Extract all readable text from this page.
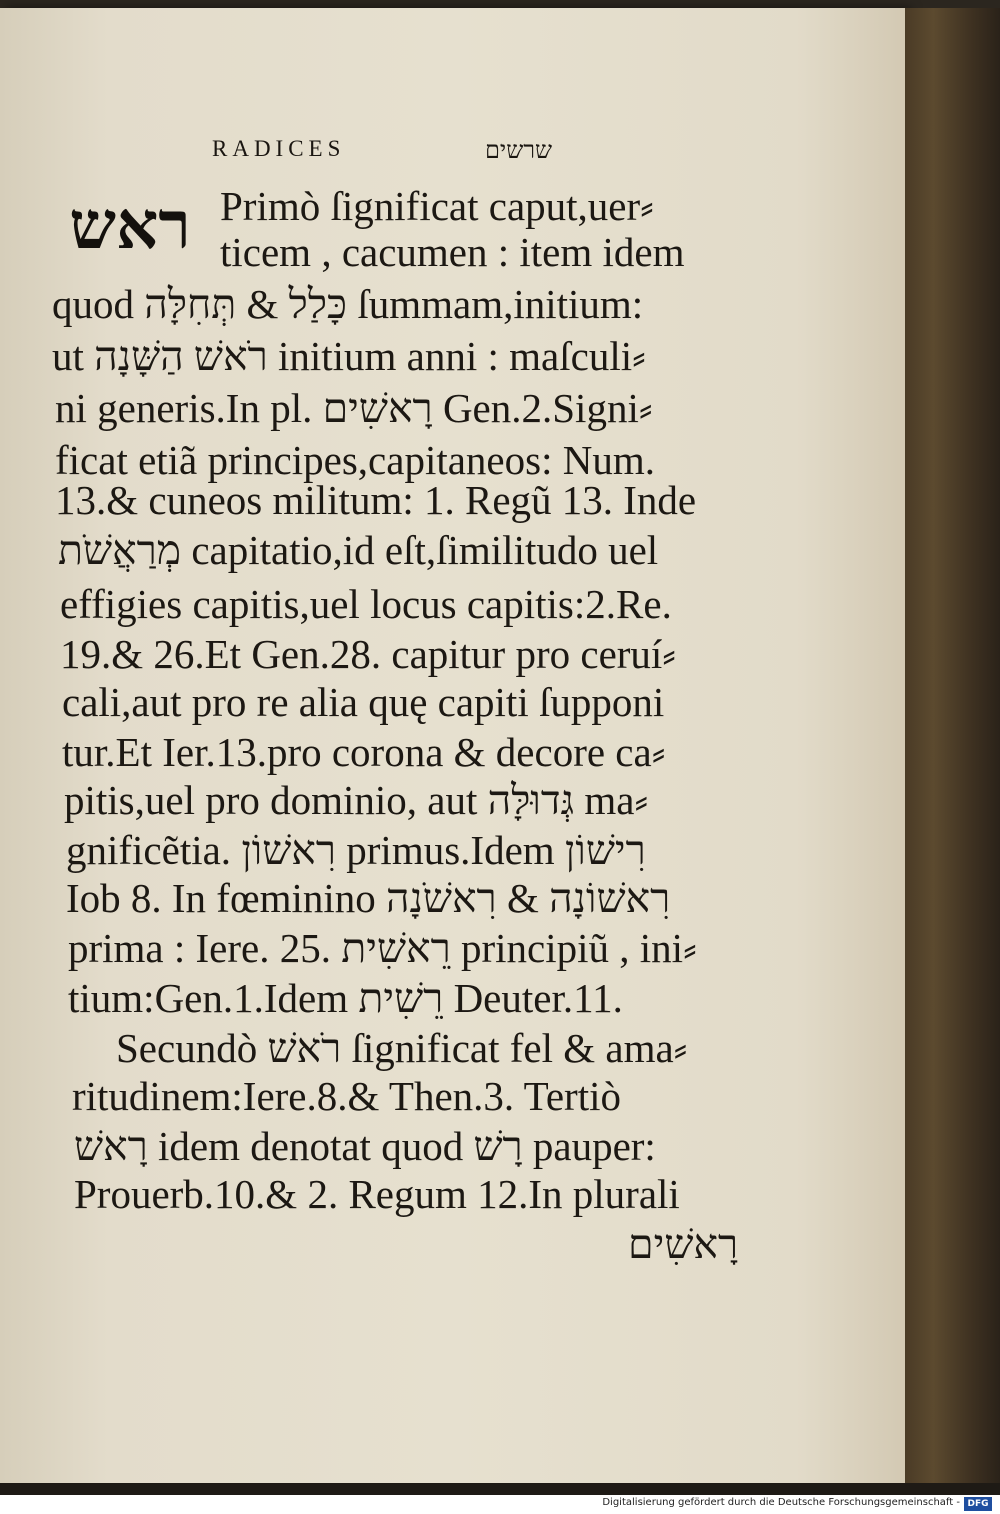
RADICES	שרשים
ראש Primò ſignificat caput,uer⸗
ticem , cacumen : item idem
quod כָּלַל & תְּחִלָּה ſummam,initium:
ut רֹאשׁ הַשָּׁנָה initium anni : maſculi⸗
ni generis.In pl. רָאשִׁים Gen.2.Signi⸗
ficat etiã principes,capitaneos: Num.
13.& cuneos militum: 1. Regũ 13. Inde
מְרַאֲשֹׁת capitatio,id eſt,ſimilitudo uel
effigies capitis,uel locus capitis:2.Re.
19.& 26.Et Gen.28. capitur pro ceruí⸗
cali,aut pro re alia quę capiti ſupponi
tur.Et Ier.13.pro corona & decore ca⸗
pitis,uel pro dominio, aut גְּדוּלָּה ma⸗
gnificẽtia. רִאשׁוֹן primus.Idem רִישׁוֹן
Iob 8. In fœminino רִאשׁוֹנָה & רִאשֹׁנָה
prima : Iere. 25. רֵאשִׁית principiũ , ini⸗
tium:Gen.1.Idem רֵשִׁית Deuter.11.
Secundò רֹאשׁ ſignificat fel & ama⸗
ritudinem:Iere.8.& Then.3. Tertiò
רָאשׁ idem denotat quod רָשׁ pauper:
Prouerb.10.& 2. Regum 12.In plurali
רָאשִׁים
Digitalisierung gefördert durch die Deutsche Forschungsgemeinschaft - DFG
